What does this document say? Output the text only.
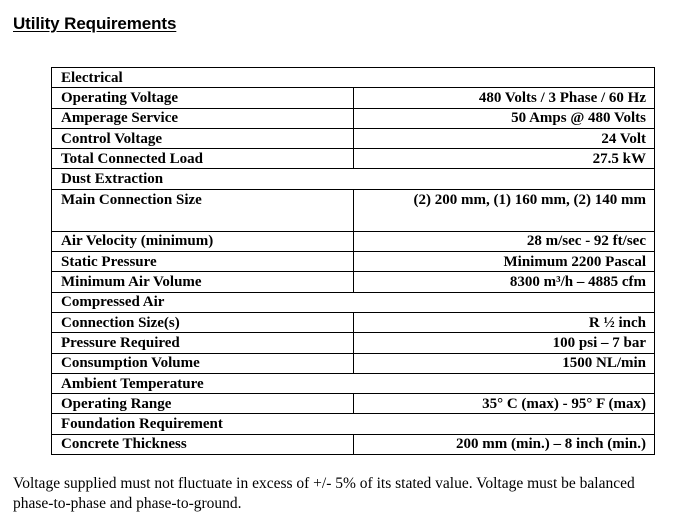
Utility Requirements
Electrical	
Operating Voltage	480 Volts / 3 Phase / 60 Hz
Amperage Service	50 Amps @ 480 Volts
Control Voltage	24 Volt
Total Connected Load	27.5 kW
Dust Extraction	
Main Connection Size	(2) 200 mm, (1) 160 mm, (2) 140 mm
Air Velocity (minimum)	28 m/sec - 92 ft/sec
Static Pressure	Minimum 2200 Pascal
Minimum Air Volume	8300 m³/h – 4885 cfm
Compressed Air	
Connection Size(s)	R ½ inch
Pressure Required	100 psi – 7 bar
Consumption Volume	1500 NL/min
Ambient Temperature	
Operating Range	35° C (max) - 95° F (max)
Foundation Requirement	
Concrete Thickness	200 mm (min.) – 8 inch (min.)
Voltage supplied must not fluctuate in excess of +/- 5% of its stated value. Voltage must be balanced phase-to-phase and phase-to-ground.
